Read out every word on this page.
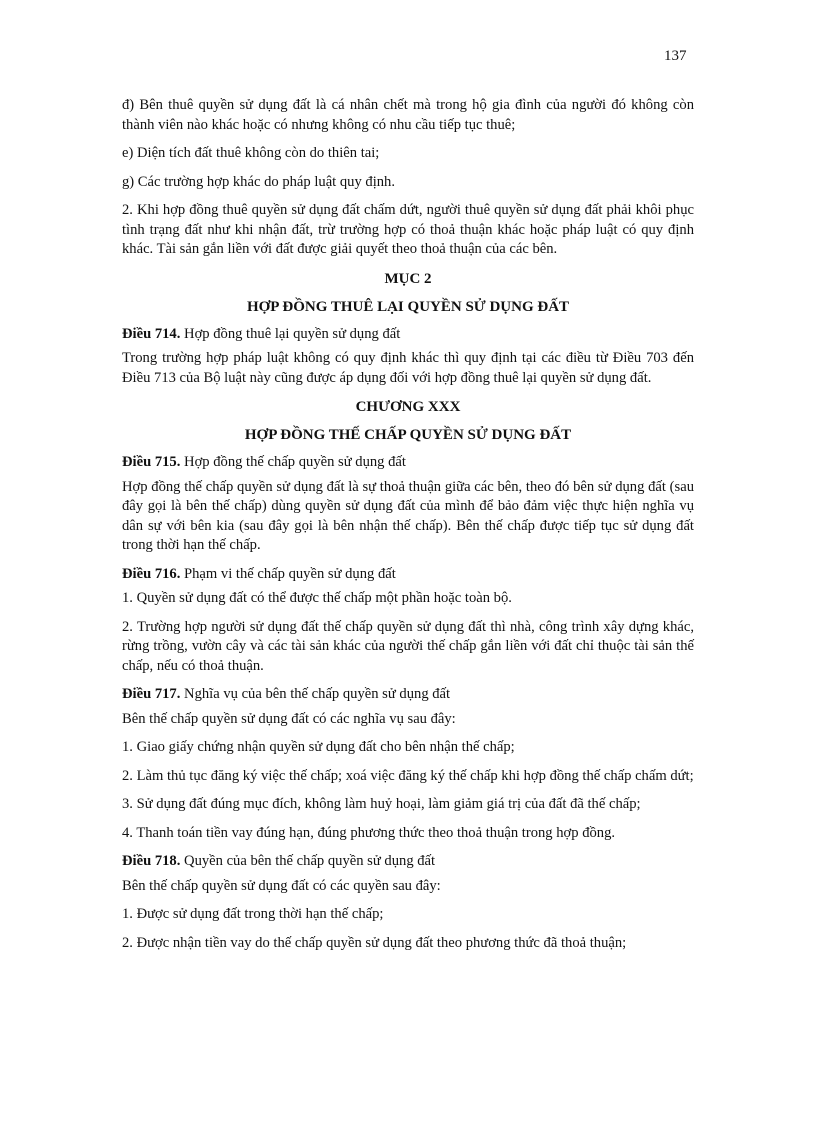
137

đ) Bên thuê quyền sử dụng đất là cá nhân chết mà trong hộ gia đình của người đó không còn thành viên nào khác hoặc có nhưng không có nhu cầu tiếp tục thuê;

e) Diện tích đất thuê không còn do thiên tai;

g) Các trường hợp khác do pháp luật quy định.

2. Khi hợp đồng thuê quyền sử dụng đất chấm dứt, người thuê quyền sử dụng đất phải khôi phục tình trạng đất như khi nhận đất, trừ trường hợp có thoả thuận khác hoặc pháp luật có quy định khác. Tài sản gắn liền với đất được giải quyết theo thoả thuận của các bên.

MỤC 2
HỢP ĐỒNG THUÊ LẠI QUYỀN SỬ DỤNG ĐẤT

Điều 714. Hợp đồng thuê lại quyền sử dụng đất

Trong trường hợp pháp luật không có quy định khác thì quy định tại các điều từ Điều 703 đến Điều 713 của Bộ luật này cũng được áp dụng đối với hợp đồng thuê lại quyền sử dụng đất.

CHƯƠNG XXX
HỢP ĐỒNG THẾ CHẤP QUYỀN SỬ DỤNG ĐẤT

Điều 715. Hợp đồng thế chấp quyền sử dụng đất

Hợp đồng thế chấp quyền sử dụng đất là sự thoả thuận giữa các bên, theo đó bên sử dụng đất (sau đây gọi là bên thế chấp) dùng quyền sử dụng đất của mình để bảo đảm việc thực hiện nghĩa vụ dân sự với bên kia (sau đây gọi là bên nhận thế chấp). Bên thế chấp được tiếp tục sử dụng đất trong thời hạn thế chấp.

Điều 716. Phạm vi thế chấp quyền sử dụng đất

1. Quyền sử dụng đất có thể được thế chấp một phần hoặc toàn bộ.

2. Trường hợp người sử dụng đất thế chấp quyền sử dụng đất thì nhà, công trình xây dựng khác, rừng trồng, vườn cây và các tài sản khác của người thế chấp gắn liền với đất chỉ thuộc tài sản thế chấp, nếu có thoả thuận.

Điều 717. Nghĩa vụ của bên thế chấp quyền sử dụng đất

Bên thế chấp quyền sử dụng đất có các nghĩa vụ sau đây:

1. Giao giấy chứng nhận quyền sử dụng đất cho bên nhận thế chấp;

2. Làm thủ tục đăng ký việc thế chấp; xoá việc đăng ký thế chấp khi hợp đồng thế chấp chấm dứt;

3. Sử dụng đất đúng mục đích, không làm huỷ hoại, làm giảm giá trị của đất đã thế chấp;

4. Thanh toán tiền vay đúng hạn, đúng phương thức theo thoả thuận trong hợp đồng.

Điều 718. Quyền của bên thế chấp quyền sử dụng đất

Bên thế chấp quyền sử dụng đất có các quyền sau đây:

1. Được sử dụng đất trong thời hạn thế chấp;

2. Được nhận tiền vay do thế chấp quyền sử dụng đất theo phương thức đã thoả thuận;
